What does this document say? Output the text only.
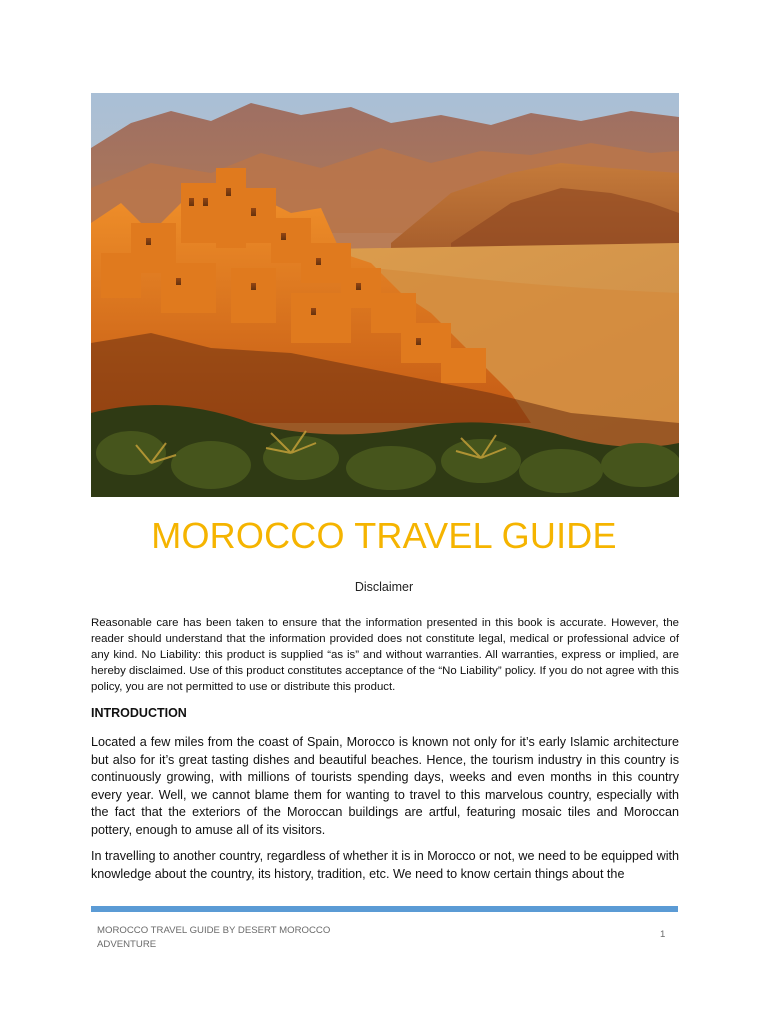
MOROCCO TRAVEL GUIDE

Disclaimer

Reasonable care has been taken to ensure that the information presented in this book is accurate. However, the reader should understand that the information provided does not constitute legal, medical or professional advice of any kind. No Liability: this product is supplied “as is” and without warranties. All warranties, express or implied, are hereby disclaimed. Use of this product constitutes acceptance of the “No Liability” policy. If you do not agree with this policy, you are not permitted to use or distribute this product.

INTRODUCTION

Located a few miles from the coast of Spain, Morocco is known not only for it’s early Islamic architecture but also for it’s great tasting dishes and beautiful beaches. Hence, the tourism industry in this country is continuously growing, with millions of tourists spending days, weeks and even months in this country every year. Well, we cannot blame them for wanting to travel to this marvelous country, especially with the fact that the exteriors of the Moroccan buildings are artful, featuring mosaic tiles and Moroccan pottery, enough to amuse all of its visitors.

In travelling to another country, regardless of whether it is in Morocco or not, we need to be equipped with knowledge about the country, its history, tradition, etc. We need to know certain things about the

MOROCCO TRAVEL GUIDE BY DESERT MOROCCO ADVENTURE

1
